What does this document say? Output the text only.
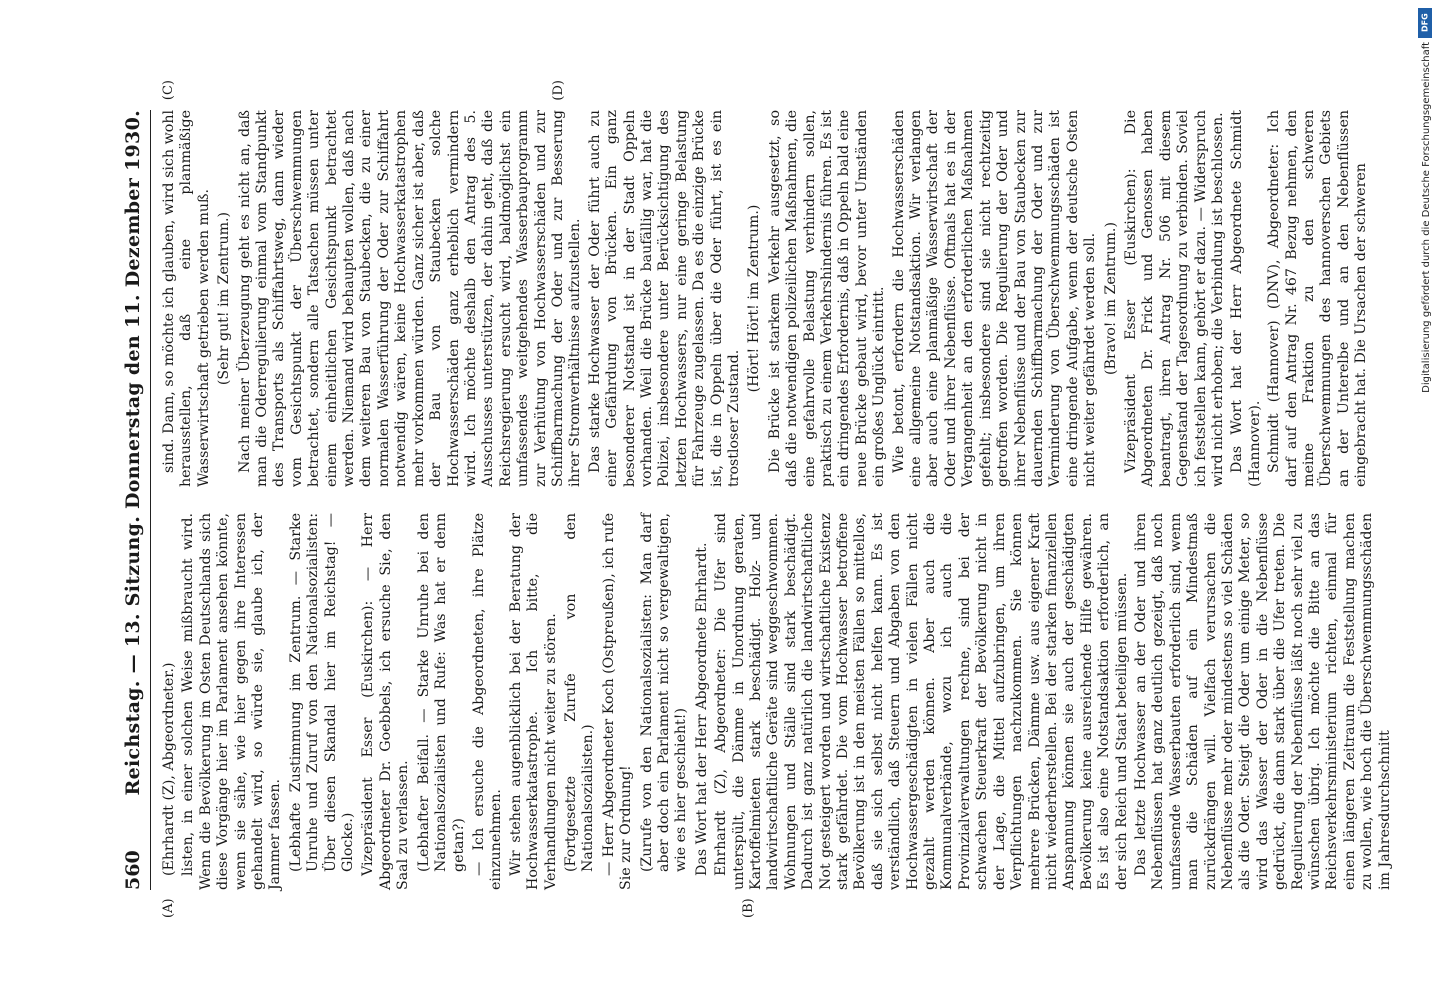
560
Reichstag. — 13. Sitzung. Donnerstag den 11. Dezember 1930.
(A)	(B)
(C)	(D)

(Ehrhardt (Z), Abgeordneter.) listen, in einer solchen Weise mißbraucht wird. Wenn die Bevölkerung im Osten Deutschlands sich diese Vorgänge hier im Parlament ansehen könnte, wenn sie sähe, wie hier gegen ihre Interessen gehandelt wird, so würde sie, glaube ich, der Jammer fassen. (Lebhafte Zustimmung im Zentrum. — Starke Unruhe und Zuruf von den Nationalsozialisten: Über diesen Skandal hier im Reichstag! — Glocke.) Vizepräsident Esser (Euskirchen): — Herr Abgeordneter Dr. Goebbels, ich ersuche Sie, den Saal zu verlassen. (Lebhafter Beifall. — Starke Unruhe bei den Nationalsozialisten und Rufe: Was hat er denn getan?) — Ich ersuche die Abgeordneten, ihre Plätze einzunehmen. Wir stehen augenblicklich bei der Beratung der Hochwasserkatastrophe. Ich bitte, die Verhandlungen nicht weiter zu stören. (Fortgesetzte Zurufe von den Nationalsozialisten.) — Herr Abgeordneter Koch (Ostpreußen), ich rufe Sie zur Ordnung! (Zurufe von den Nationalsozialisten: Man darf aber doch ein Parlament nicht so vergewaltigen, wie es hier geschieht!) Das Wort hat der Herr Abgeordnete Ehrhardt. Ehrhardt (Z), Abgeordneter: Die Ufer sind unterspült, die Dämme in Unordnung geraten, Kartoffelmieten stark beschädigt. Holz- und landwirtschaftliche Geräte sind weggeschwommen. Wohnungen und Ställe sind stark beschädigt. Dadurch ist ganz natürlich die landwirtschaftliche Not gesteigert worden und wirtschaftliche Existenz stark gefährdet. Die vom Hochwasser betroffene Bevölkerung ist in den meisten Fällen so mittellos, daß sie sich selbst nicht helfen kann. Es ist verständlich, daß Steuern und Abgaben von den Hochwassergeschädigten in vielen Fällen nicht gezahlt werden können. Aber auch die Kommunalverbände, wozu ich auch die Provinzialverwaltungen rechne, sind bei der schwachen Steuerkraft der Bevölkerung nicht in der Lage, die Mittel aufzubringen, um ihren Verpflichtungen nachzukommen. Sie können mehrere Brücken, Dämme usw. aus eigener Kraft nicht wiederherstellen. Bei der starken finanziellen Anspannung können sie auch der geschädigten Bevölkerung keine ausreichende Hilfe gewähren. Es ist also eine Notstandsaktion erforderlich, an der sich Reich und Staat beteiligen müssen. Das letzte Hochwasser an der Oder und ihren Nebenflüssen hat ganz deutlich gezeigt, daß noch umfassende Wasserbauten erforderlich sind, wenn man die Schäden auf ein Mindestmaß zurückdrängen will. Vielfach verursachen die Nebenflüsse mehr oder mindestens so viel Schäden als die Oder. Steigt die Oder um einige Meter, so wird das Wasser der Oder in die Nebenflüsse gedrückt, die dann stark über die Ufer treten. Die Regulierung der Nebenflüsse läßt noch sehr viel zu wünschen übrig. Ich möchte die Bitte an das Reichsverkehrsministerium richten, einmal für einen längeren Zeitraum die Feststellung machen zu wollen, wie hoch die Überschwemmungsschäden im Jahresdurchschnitt

sind. Dann, so möchte ich glauben, wird sich wohl herausstellen, daß eine planmäßige Wasserwirtschaft getrieben werden muß. (Sehr gut! im Zentrum.) Nach meiner Überzeugung geht es nicht an, daß man die Oderregulierung einmal vom Standpunkt des Transports als Schiffahrtsweg, dann wieder vom Gesichtspunkt der Überschwemmungen betrachtet, sondern alle Tatsachen müssen unter einem einheitlichen Gesichtspunkt betrachtet werden. Niemand wird behaupten wollen, daß nach dem weiteren Bau von Staubecken, die zu einer normalen Wasserführung der Oder zur Schiffahrt notwendig wären, keine Hochwasserkatastrophen mehr vorkommen würden. Ganz sicher ist aber, daß der Bau von Staubecken solche Hochwasserschäden ganz erheblich vermindern wird. Ich möchte deshalb den Antrag des 5. Ausschusses unterstützen, der dahin geht, daß die Reichsregierung ersucht wird, baldmöglichst ein umfassendes weitgehendes Wasserbauprogramm zur Verhütung von Hochwasserschäden und zur Schiffbarmachung der Oder und zur Besserung ihrer Stromverhältnisse aufzustellen. Das starke Hochwasser der Oder führt auch zu einer Gefährdung von Brücken. Ein ganz besonderer Notstand ist in der Stadt Oppeln vorhanden. Weil die Brücke baufällig war, hat die Polizei, insbesondere unter Berücksichtigung des letzten Hochwassers, nur eine geringe Belastung für Fahrzeuge zugelassen. Da es die einzige Brücke ist, die in Oppeln über die Oder führt, ist es ein trostloser Zustand.

(Hört! Hört! im Zentrum.) Die Brücke ist starkem Verkehr ausgesetzt, so daß die notwendigen polizeilichen Maßnahmen, die eine gefahrvolle Belastung verhindern sollen, praktisch zu einem Verkehrshindernis führen. Es ist ein dringendes Erfordernis, daß in Oppeln bald eine neue Brücke gebaut wird, bevor unter Umständen ein großes Unglück eintritt. Wie betont, erfordern die Hochwasserschäden eine allgemeine Notstandsaktion. Wir verlangen aber auch eine planmäßige Wasserwirtschaft der Oder und ihrer Nebenflüsse. Oftmals hat es in der Vergangenheit an den erforderlichen Maßnahmen gefehlt; insbesondere sind sie nicht rechtzeitig getroffen worden. Die Regulierung der Oder und ihrer Nebenflüsse und der Bau von Staubecken zur dauernden Schiffbarmachung der Oder und zur Verminderung von Überschwemmungsschäden ist eine dringende Aufgabe, wenn der deutsche Osten nicht weiter gefährdet werden soll. (Bravo! im Zentrum.) Vizepräsident Esser (Euskirchen): Die Abgeordneten Dr. Frick und Genossen haben beantragt, ihren Antrag Nr. 506 mit diesem Gegenstand der Tagesordnung zu verbinden. Soviel ich feststellen kann, gehört er dazu. — Widerspruch wird nicht erhoben; die Verbindung ist beschlossen. Das Wort hat der Herr Abgeordnete Schmidt (Hannover). Schmidt (Hannover) (DNV), Abgeordneter: Ich darf auf den Antrag Nr. 467 Bezug nehmen, den meine Fraktion zu den schweren Überschwemmungen des hannoverschen Gebiets an der Unterelbe und an den Nebenflüssen eingebracht hat. Die Ursachen der schweren

DFG
Digitalisierung gefördert durch die Deutsche Forschungsgemeinschaft
